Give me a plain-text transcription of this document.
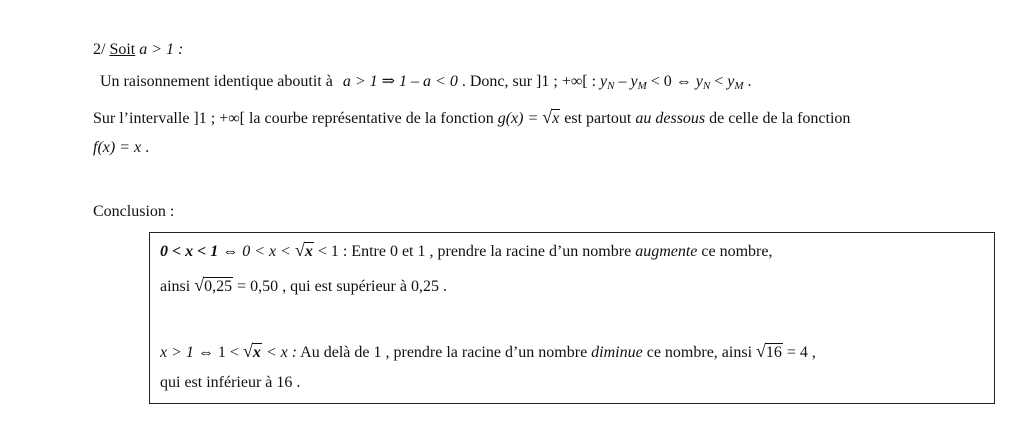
2/ Soit a > 1 :
Un raisonnement identique aboutit à a > 1 ⇒ 1 – a < 0 . Donc, sur ]1 ; +∞[ : $y_N - y_M < 0$ ⇔ $y_N < y_M$ .
Sur l’intervalle ]1 ; +∞[ la courbe représentative de la fonction g(x) = √x est partout au dessous de celle de la fonction
f(x) = x .
Conclusion :
0 < x < 1 ⇔ 0 < x < √x < 1 : Entre 0 et 1 , prendre la racine d’un nombre augmente ce nombre,
ainsi √0,25 = 0,50 , qui est supérieur à 0,25 .
x > 1 ⇔ 1 < √x < x : Au delà de 1 , prendre la racine d’un nombre diminue ce nombre, ainsi √16 = 4 ,
qui est inférieur à 16 .
